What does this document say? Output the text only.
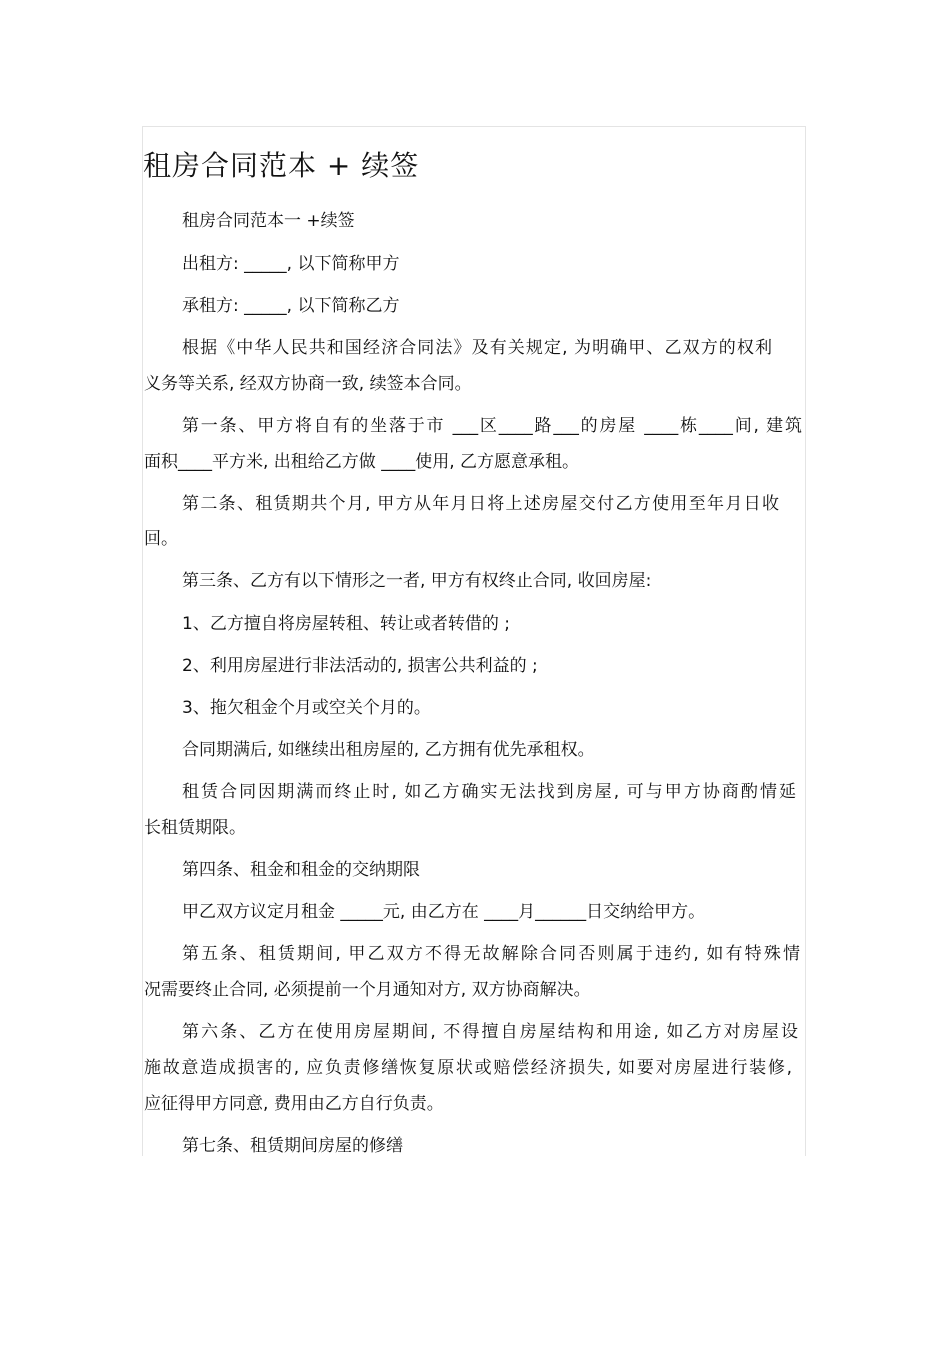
租房合同范本 + 续签
租房合同范本一 +续签
出租方: _____, 以下简称甲方
承租方: _____, 以下简称乙方
根据《中华人民共和国经济合同法》及有关规定, 为明确甲、乙双方的权利
义务等关系, 经双方协商一致, 续签本合同。
第一条、甲方将自有的坐落于市 ___区____路___的房屋 ____栋____间, 建筑
面积____平方米, 出租给乙方做 ____使用, 乙方愿意承租。
第二条、租赁期共个月, 甲方从年月日将上述房屋交付乙方使用至年月日收
回。
第三条、乙方有以下情形之一者, 甲方有权终止合同, 收回房屋:
1、乙方擅自将房屋转租、转让或者转借的 ;
2、利用房屋进行非法活动的, 损害公共利益的 ;
3、拖欠租金个月或空关个月的。
合同期满后, 如继续出租房屋的, 乙方拥有优先承租权。
租赁合同因期满而终止时, 如乙方确实无法找到房屋, 可与甲方协商酌情延
长租赁期限。
第四条、租金和租金的交纳期限
甲乙双方议定月租金 _____元, 由乙方在 ____月______日交纳给甲方。
第五条、租赁期间, 甲乙双方不得无故解除合同否则属于违约, 如有特殊情
况需要终止合同, 必须提前一个月通知对方, 双方协商解决。
第六条、乙方在使用房屋期间, 不得擅自房屋结构和用途, 如乙方对房屋设
施故意造成损害的, 应负责修缮恢复原状或赔偿经济损失, 如要对房屋进行装修,
应征得甲方同意, 费用由乙方自行负责。
第七条、租赁期间房屋的修缮
